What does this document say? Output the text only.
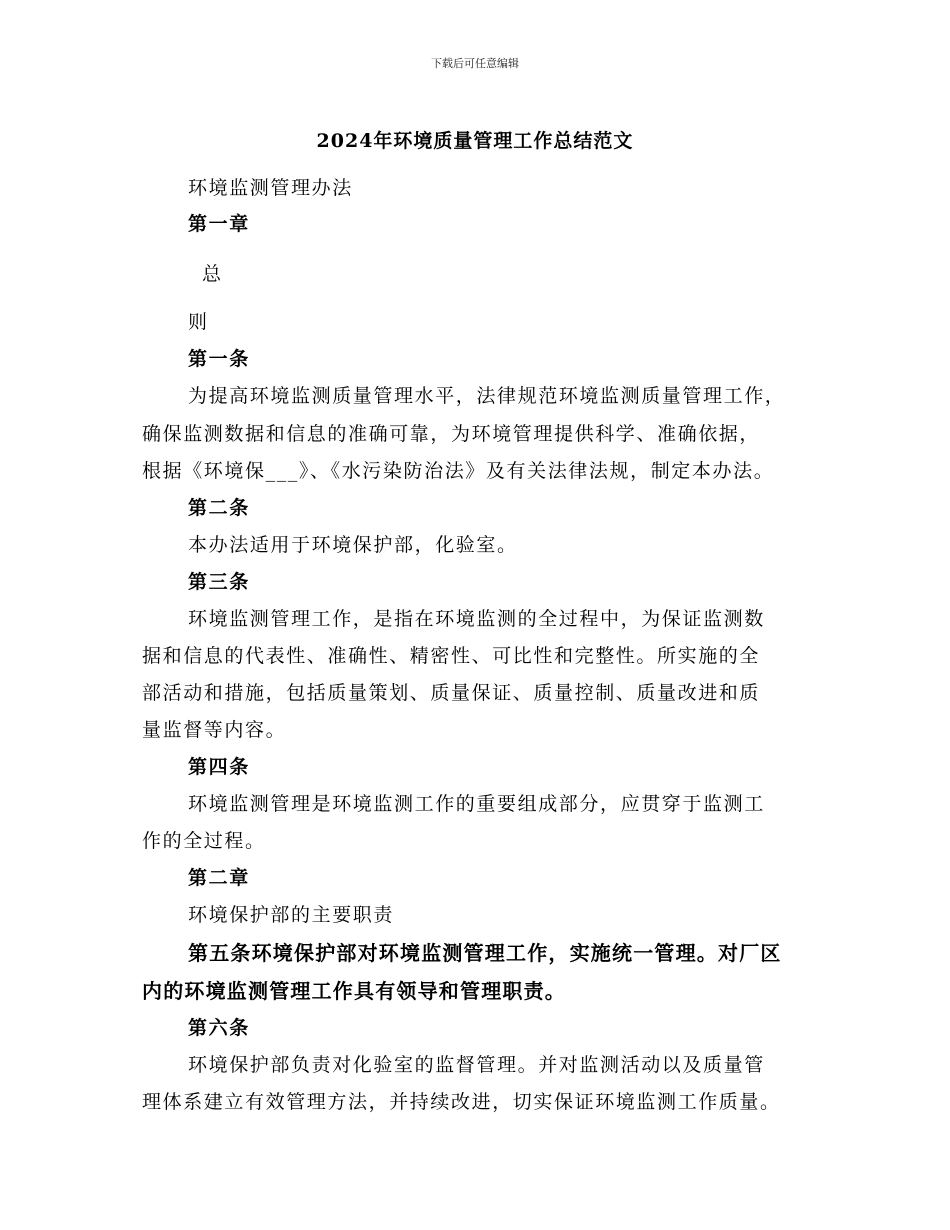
下载后可任意编辑
2024年环境质量管理工作总结范文
环境监测管理办法
第一章
总
则
第一条
为提高环境监测质量管理水平，法律规范环境监测质量管理工作，
确保监测数据和信息的准确可靠，为环境管理提供科学、准确依据，
根据《环境保___》、《水污染防治法》及有关法律法规，制定本办法。
第二条
本办法适用于环境保护部，化验室。
第三条
环境监测管理工作，是指在环境监测的全过程中，为保证监测数
据和信息的代表性、准确性、精密性、可比性和完整性。所实施的全
部活动和措施，包括质量策划、质量保证、质量控制、质量改进和质
量监督等内容。
第四条
环境监测管理是环境监测工作的重要组成部分，应贯穿于监测工
作的全过程。
第二章
环境保护部的主要职责
第五条环境保护部对环境监测管理工作，实施统一管理。对厂区
内的环境监测管理工作具有领导和管理职责。
第六条
环境保护部负责对化验室的监督管理。并对监测活动以及质量管
理体系建立有效管理方法，并持续改进，切实保证环境监测工作质量。
